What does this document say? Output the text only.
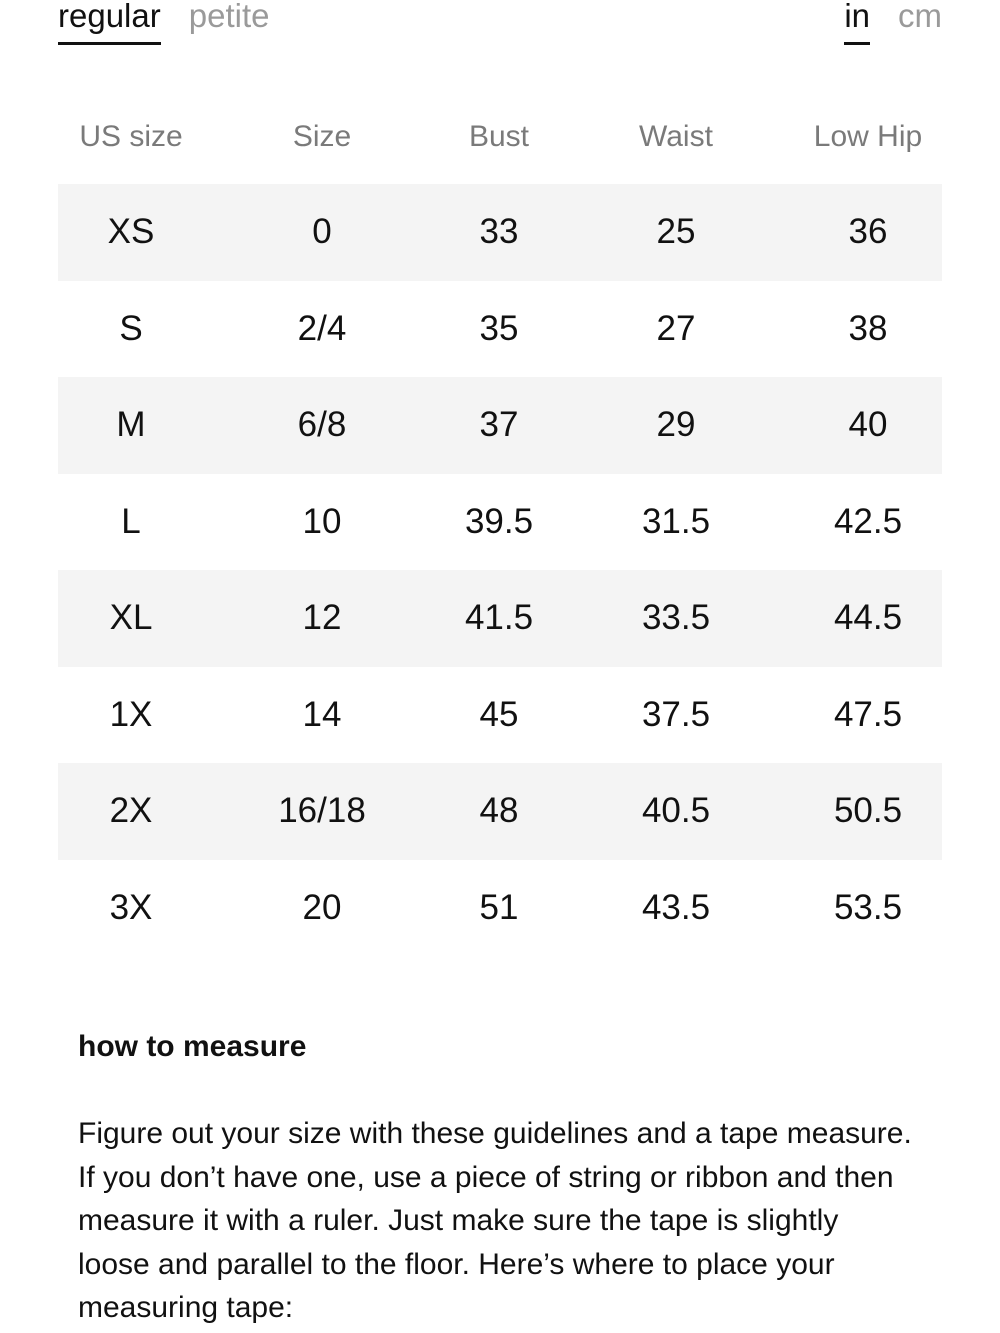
regular petite	in cm
US size	Size	Bust	Waist	Low Hip
XS	0	33	25	36
S	2/4	35	27	38
M	6/8	37	29	40
L	10	39.5	31.5	42.5
XL	12	41.5	33.5	44.5
1X	14	45	37.5	47.5
2X	16/18	48	40.5	50.5
3X	20	51	43.5	53.5
how to measure

Figure out your size with these guidelines and a tape measure. If you don’t have one, use a piece of string or ribbon and then measure it with a ruler. Just make sure the tape is slightly loose and parallel to the floor. Here’s where to place your measuring tape:
